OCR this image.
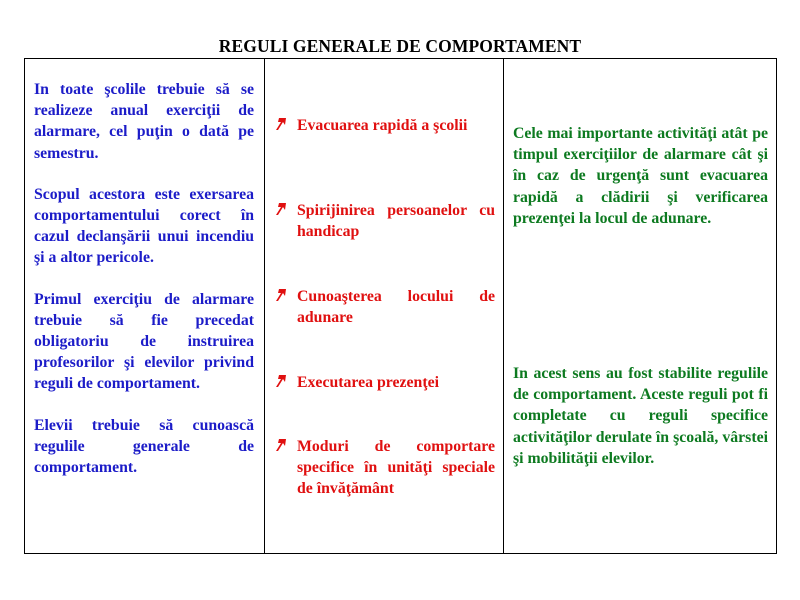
REGULI GENERALE DE COMPORTAMENT

In toate şcolile trebuie să se realizeze anual exerciţii de alarmare, cel puţin o dată pe semestru.

Scopul acestora este exersarea comportamentului corect în cazul declanşării unui incendiu şi a altor pericole.

Primul exerciţiu de alarmare trebuie să fie precedat obligatoriu de instruirea profesorilor şi elevilor privind reguli de comportament.

Elevii trebuie să cunoască regulile generale de comportament.

Evacuarea rapidă a şcolii

Spirijinirea persoanelor cu handicap

Cunoaşterea locului de adunare

Executarea prezenţei

Moduri de comportare specifice în unităţi speciale de învăţământ

Cele mai importante activităţi atât pe timpul exerciţiilor de alarmare cât şi în caz de urgenţă sunt evacuarea rapidă a clădirii şi verificarea prezenţei la locul de adunare.

In acest sens au fost stabilite regulile de comportament. Aceste reguli pot fi completate cu reguli specifice activităţilor derulate în şcoală, vârstei şi mobilităţii elevilor.
